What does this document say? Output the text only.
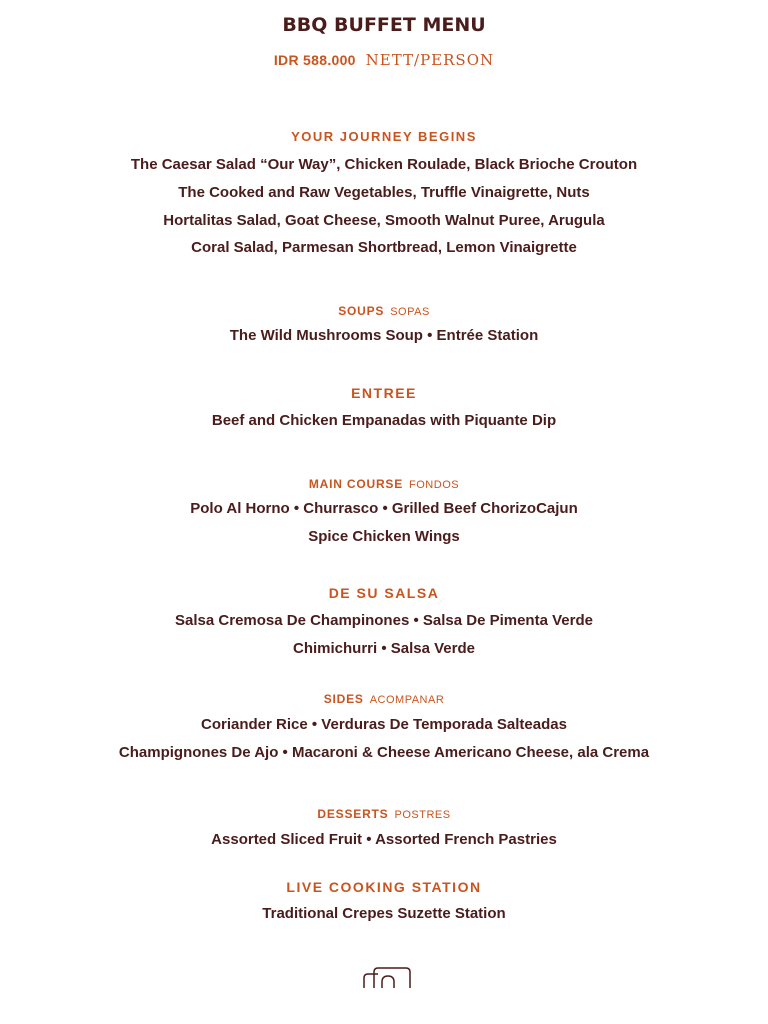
BBQ BUFFET MENU
IDR 588.000 NETT/PERSON
YOUR JOURNEY BEGINS
The Caesar Salad “Our Way”, Chicken Roulade, Black Brioche Crouton
The Cooked and Raw Vegetables, Truffle Vinaigrette, Nuts
Hortalitas Salad, Goat Cheese, Smooth Walnut Puree, Arugula
Coral Salad, Parmesan Shortbread, Lemon Vinaigrette
SOUPS SOPAS
The Wild Mushrooms Soup • Entrée Station
ENTREE
Beef and Chicken Empanadas with Piquante Dip
MAIN COURSE FONDOS
Polo Al Horno • Churrasco • Grilled Beef ChorizoCajun
Spice Chicken Wings
DE SU SALSA
Salsa Cremosa De Champinones • Salsa De Pimenta Verde
Chimichurri • Salsa Verde
SIDES ACOMPANAR
Coriander Rice • Verduras De Temporada Salteadas
Champignones De Ajo • Macaroni & Cheese Americano Cheese, ala Crema
DESSERTS POSTRES
Assorted Sliced Fruit • Assorted French Pastries
LIVE COOKING STATION
Traditional Crepes Suzette Station
